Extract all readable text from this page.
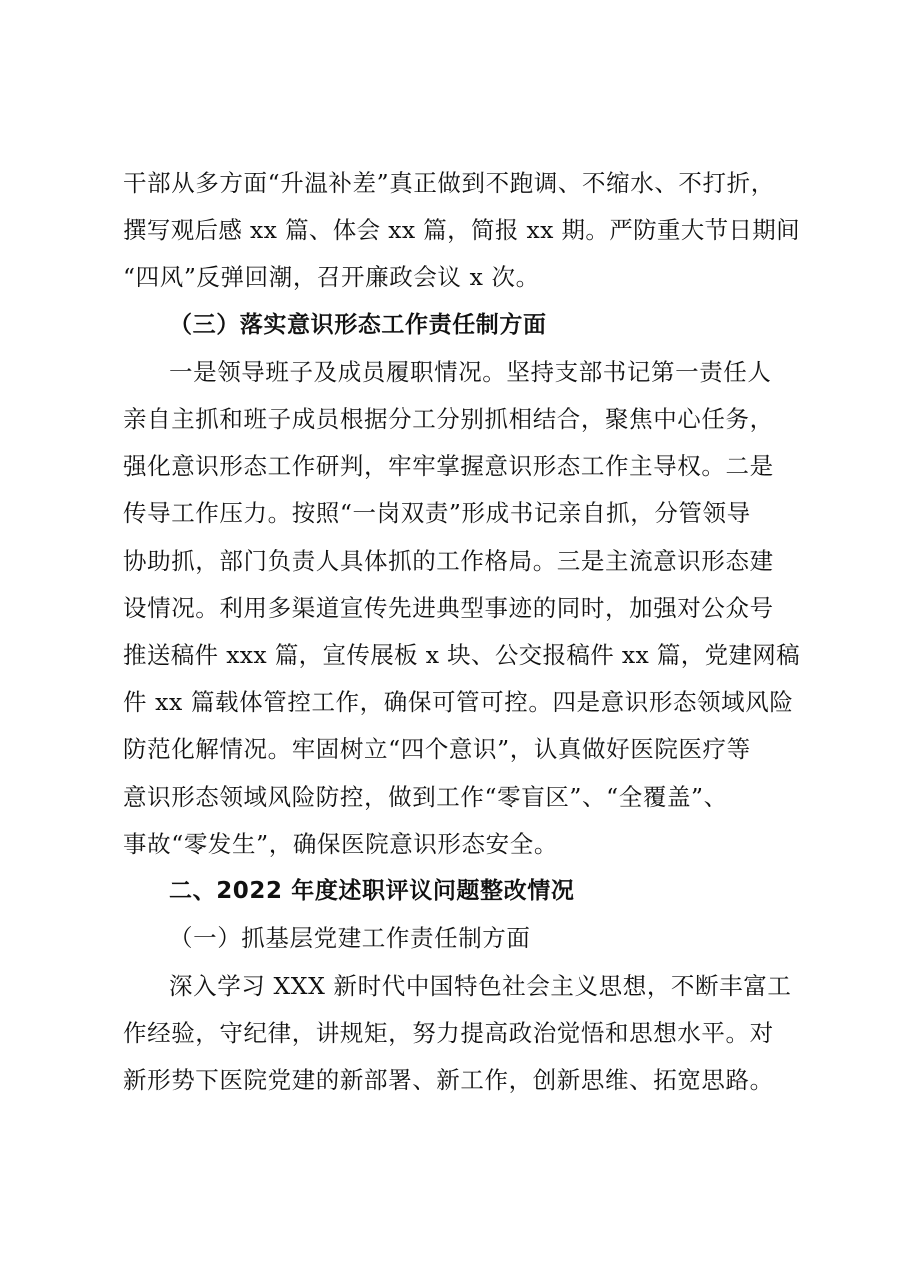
干部从多方面“升温补差”真正做到不跑调、不缩水、不打折，
撰写观后感 xx 篇、体会 xx 篇，简报 xx 期。严防重大节日期间
“四风”反弹回潮，召开廉政会议 x 次。
（三）落实意识形态工作责任制方面
一是领导班子及成员履职情况。坚持支部书记第一责任人
亲自主抓和班子成员根据分工分别抓相结合，聚焦中心任务，
强化意识形态工作研判，牢牢掌握意识形态工作主导权。二是
传导工作压力。按照“一岗双责”形成书记亲自抓，分管领导
协助抓，部门负责人具体抓的工作格局。三是主流意识形态建
设情况。利用多渠道宣传先进典型事迹的同时，加强对公众号
推送稿件 xxx 篇，宣传展板 x 块、公交报稿件 xx 篇，党建网稿
件 xx 篇载体管控工作，确保可管可控。四是意识形态领域风险
防范化解情况。牢固树立“四个意识”，认真做好医院医疗等
意识形态领域风险防控，做到工作“零盲区”、“全覆盖”、
事故“零发生”，确保医院意识形态安全。
二、2022 年度述职评议问题整改情况
（一）抓基层党建工作责任制方面
深入学习 XXX 新时代中国特色社会主义思想，不断丰富工
作经验，守纪律，讲规矩，努力提高政治觉悟和思想水平。对
新形势下医院党建的新部署、新工作，创新思维、拓宽思路。
